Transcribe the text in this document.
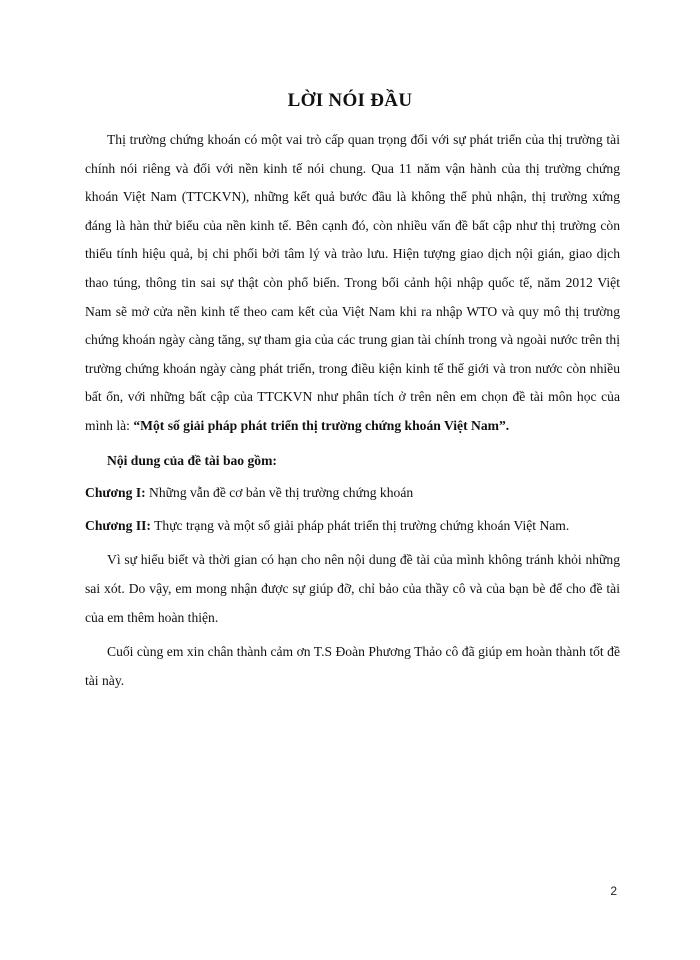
LỜI NÓI ĐẦU

Thị trường chứng khoán có một vai trò cấp quan trọng đối với sự phát triển của thị trường tài chính nói riêng và đối với nền kinh tế nói chung. Qua 11 năm vận hành của thị trường chứng khoán Việt Nam (TTCKVN), những kết quả bước đầu là không thể phủ nhận, thị trường xứng đáng là hàn thử biểu của nền kinh tế. Bên cạnh đó, còn nhiều vấn đề bất cập như thị trường còn thiếu tính hiệu quả, bị chi phối bởi tâm lý và trào lưu. Hiện tượng giao dịch nội gián, giao dịch thao túng, thông tin sai sự thật còn phổ biến. Trong bối cảnh hội nhập quốc tế, năm 2012 Việt Nam sẽ mở cửa nền kinh tế theo cam kết của Việt Nam khi ra nhập WTO và quy mô thị trường chứng khoán ngày càng tăng, sự tham gia của các trung gian tài chính trong và ngoài nước trên thị trường chứng khoán ngày càng phát triển, trong điều kiện kinh tế thế giới và tron nước còn nhiều bất ổn, với những bất cập của TTCKVN như phân tích ở trên nên em chọn đề tài môn học của mình là: “Một số giải pháp phát triển thị trường chứng khoán Việt Nam”.

Nội dung của đề tài bao gồm:

Chương I: Những vẫn đề cơ bản về thị trường chứng khoán

Chương II: Thực trạng và một số giải pháp phát triển thị trường chứng khoán Việt Nam.

Vì sự hiểu biết và thời gian có hạn cho nên nội dung đề tài của mình không tránh khỏi những sai xót. Do vậy, em mong nhận được sự giúp đỡ, chỉ bảo của thầy cô và của bạn bè để cho đề tài của em thêm hoàn thiện.

Cuối cùng em xin chân thành cảm ơn T.S Đoàn Phương Thảo cô đã giúp em hoàn thành tốt đề tài này.

2
